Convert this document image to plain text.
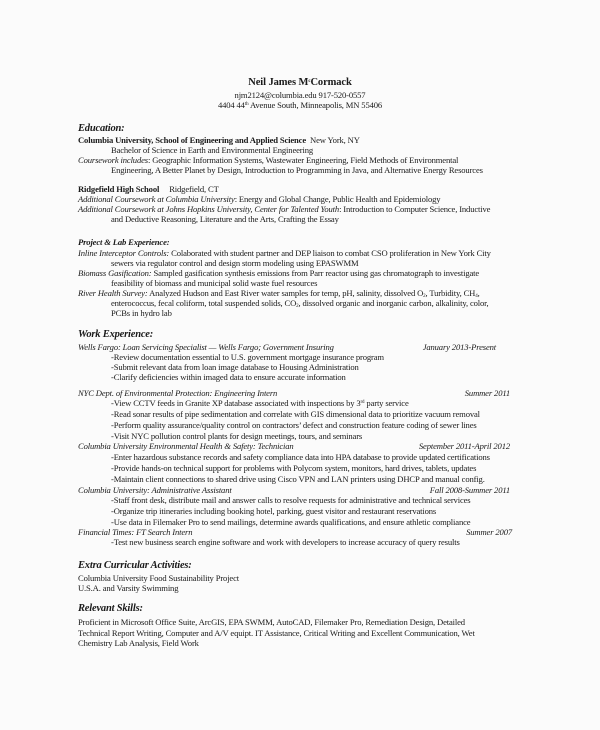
Neil James $M^cCormack$
njm2124@columbia.edu 917-520-0557
4404 44th Avenue South, Minneapolis, MN 55406
Education:
Columbia University, School of Engineering and Applied Science New York, NY
Bachelor of Science in Earth and Environmental Engineering
Coursework includes: Geographic Information Systems, Wastewater Engineering, Field Methods of Environmental
Engineering, A Better Planet by Design, Introduction to Programming in Java, and Alternative Energy Resources
Ridgefield High School Ridgefield, CT
Additional Coursework at Columbia University: Energy and Global Change, Public Health and Epidemiology
Additional Coursework at Johns Hopkins University, Center for Talented Youth: Introduction to Computer Science, Inductive
and Deductive Reasoning, Literature and the Arts, Crafting the Essay
Project & Lab Experience:
Inline Interceptor Controls: Colaborated with student partner and DEP liaison to combat CSO proliferation in New York City
sewers via regulator control and design storm modeling using EPASWMM
Biomass Gasification: Sampled gasification synthesis emissions from Parr reactor using gas chromatograph to investigate
feasibility of biomass and municipal solid waste fuel resources
River Health Survey: Analyzed Hudson and East River water samples for temp, pH, salinity, dissolved $O_2$, Turbidity, $CH_4$,
enterococcus, fecal coliform, total suspended solids, $CO_2$, dissolved organic and inorganic carbon, alkalinity, color,
PCBs in hydro lab
Work Experience:
Wells Fargo: Loan Servicing Specialist — Wells Fargo; Government Insuring	January 2013-Present
-Review documentation essential to U.S. government mortgage insurance program
-Submit relevant data from loan image database to Housing Administration
-Clarify deficiencies within imaged data to ensure accurate information
NYC Dept. of Environmental Protection: Engineering Intern	Summer 2011
-View CCTV feeds in Granite XP database associated with inspections by 3rd party service
-Read sonar results of pipe sedimentation and correlate with GIS dimensional data to prioritize vacuum removal
-Perform quality assurance/quality control on contractors’ defect and construction feature coding of sewer lines
-Visit NYC pollution control plants for design meetings, tours, and seminars
Columbia University Environmental Health & Safety: Technician	September 2011-April 2012
-Enter hazardous substance records and safety compliance data into HPA database to provide updated certifications
-Provide hands-on technical support for problems with Polycom system, monitors, hard drives, tablets, updates
-Maintain client connections to shared drive using Cisco VPN and LAN printers using DHCP and manual config.
Columbia University: Administrative Assistant	Fall 2008-Summer 2011
-Staff front desk, distribute mail and answer calls to resolve requests for administrative and technical services
-Organize trip itineraries including booking hotel, parking, guest visitor and restaurant reservations
-Use data in Filemaker Pro to send mailings, determine awards qualifications, and ensure athletic compliance
Financial Times: FT Search Intern	Summer 2007
-Test new business search engine software and work with developers to increase accuracy of query results
Extra Curricular Activities:
Columbia University Food Sustainability Project
U.S.A. and Varsity Swimming
Relevant Skills:
Proficient in Microsoft Office Suite, ArcGIS, EPA SWMM, AutoCAD, Filemaker Pro, Remediation Design, Detailed
Technical Report Writing, Computer and A/V equipt. IT Assistance, Critical Writing and Excellent Communication, Wet
Chemistry Lab Analysis, Field Work
